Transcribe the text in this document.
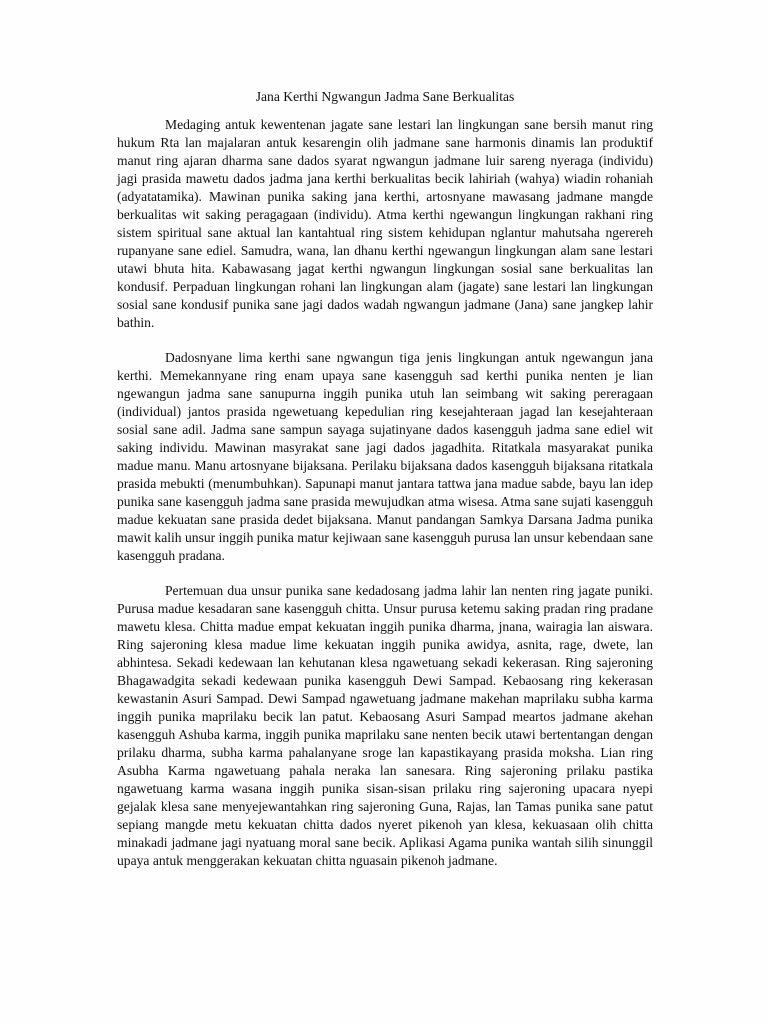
Jana Kerthi Ngwangun Jadma Sane Berkualitas

Medaging antuk kewentenan jagate sane lestari lan lingkungan sane bersih manut ring hukum Rta lan majalaran antuk kesarengin olih jadmane sane harmonis dinamis lan produktif manut ring ajaran dharma sane dados syarat ngwangun jadmane luir sareng nyeraga (individu) jagi prasida mawetu dados jadma jana kerthi berkualitas becik lahiriah (wahya) wiadin rohaniah (adyatatamika). Mawinan punika saking jana kerthi, artosnyane mawasang jadmane mangde berkualitas wit saking peragagaan (individu). Atma kerthi ngewangun lingkungan rakhani ring sistem spiritual sane aktual lan kantahtual ring sistem kehidupan nglantur mahutsaha ngerereh rupanyane sane ediel. Samudra, wana, lan dhanu kerthi ngewangun lingkungan alam sane lestari utawi bhuta hita. Kabawasang jagat kerthi ngwangun lingkungan sosial sane berkualitas lan kondusif. Perpaduan lingkungan rohani lan lingkungan alam (jagate) sane lestari lan lingkungan sosial sane kondusif punika sane jagi dados wadah ngwangun jadmane (Jana) sane jangkep lahir bathin.

Dadosnyane lima kerthi sane ngwangun tiga jenis lingkungan antuk ngewangun jana kerthi. Memekannyane ring enam upaya sane kasengguh sad kerthi punika nenten je lian ngewangun jadma sane sanupurna inggih punika utuh lan seimbang wit saking pereragaan (individual) jantos prasida ngewetuang kepedulian ring kesejahteraan jagad lan kesejahteraan sosial sane adil. Jadma sane sampun sayaga sujatinyane dados kasengguh jadma sane ediel wit saking individu. Mawinan masyrakat sane jagi dados jagadhita. Ritatkala masyarakat punika madue manu. Manu artosnyane bijaksana. Perilaku bijaksana dados kasengguh bijaksana ritatkala prasida mebukti (menumbuhkan). Sapunapi manut jantara tattwa jana madue sabde, bayu lan idep punika sane kasengguh jadma sane prasida mewujudkan atma wisesa. Atma sane sujati kasengguh madue kekuatan sane prasida dedet bijaksana. Manut pandangan Samkya Darsana Jadma punika mawit kalih unsur inggih punika matur kejiwaan sane kasengguh purusa lan unsur kebendaan sane kasengguh pradana.

Pertemuan dua unsur punika sane kedadosang jadma lahir lan nenten ring jagate puniki. Purusa madue kesadaran sane kasengguh chitta. Unsur purusa ketemu saking pradan ring pradane mawetu klesa. Chitta madue empat kekuatan inggih punika dharma, jnana, wairagia lan aiswara. Ring sajeroning klesa madue lime kekuatan inggih punika awidya, asnita, rage, dwete, lan abhintesa. Sekadi kedewaan lan kehutanan klesa ngawetuang sekadi kekerasan. Ring sajeroning Bhagawadgita sekadi kedewaan punika kasengguh Dewi Sampad. Kebaosang ring kekerasan kewastanin Asuri Sampad. Dewi Sampad ngawetuang jadmane makehan maprilaku subha karma inggih punika maprilaku becik lan patut. Kebaosang Asuri Sampad meartos jadmane akehan kasengguh Ashuba karma, inggih punika maprilaku sane nenten becik utawi bertentangan dengan prilaku dharma, subha karma pahalanyane sroge lan kapastikayang prasida moksha. Lian ring Asubha Karma ngawetuang pahala neraka lan sanesara. Ring sajeroning prilaku pastika ngawetuang karma wasana inggih punika sisan-sisan prilaku ring sajeroning upacara nyepi gejalak klesa sane menyejewantahkan ring sajeroning Guna, Rajas, lan Tamas punika sane patut sepiang mangde metu kekuatan chitta dados nyeret pikenoh yan klesa, kekuasaan olih chitta minakadi jadmane jagi nyatuang moral sane becik. Aplikasi Agama punika wantah silih sinunggil upaya antuk menggerakan kekuatan chitta nguasain pikenoh jadmane.
